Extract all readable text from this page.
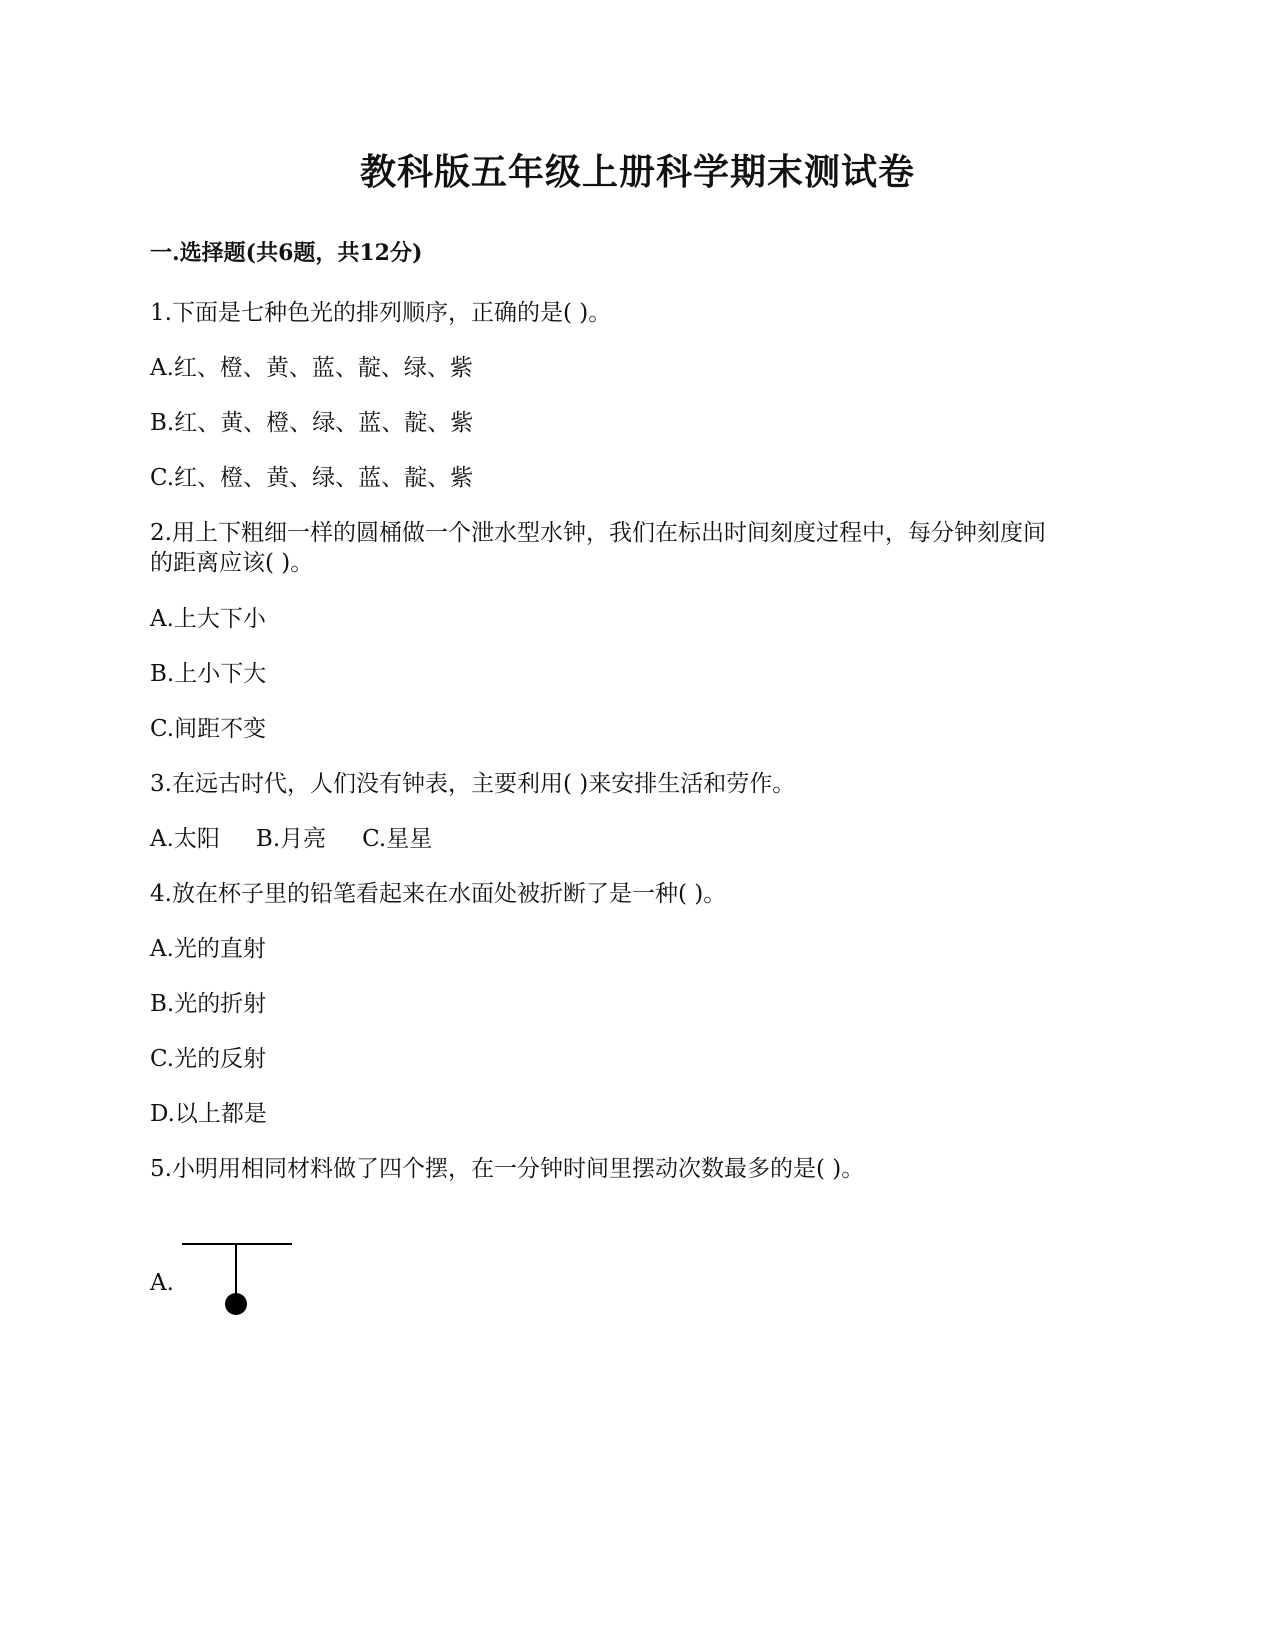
教科版五年级上册科学期末测试卷
一.选择题(共6题，共12分)
1.下面是七种色光的排列顺序，正确的是( )。
A.红、橙、黄、蓝、靛、绿、紫
B.红、黄、橙、绿、蓝、靛、紫
C.红、橙、黄、绿、蓝、靛、紫
2.用上下粗细一样的圆桶做一个泄水型水钟，我们在标出时间刻度过程中，每分钟刻度间
的距离应该( )。
A.上大下小
B.上小下大
C.间距不变
3.在远古时代，人们没有钟表，主要利用( )来安排生活和劳作。
A.太阳 B.月亮 C.星星
4.放在杯子里的铅笔看起来在水面处被折断了是一种( )。
A.光的直射
B.光的折射
C.光的反射
D.以上都是
5.小明用相同材料做了四个摆，在一分钟时间里摆动次数最多的是( )。
A.
